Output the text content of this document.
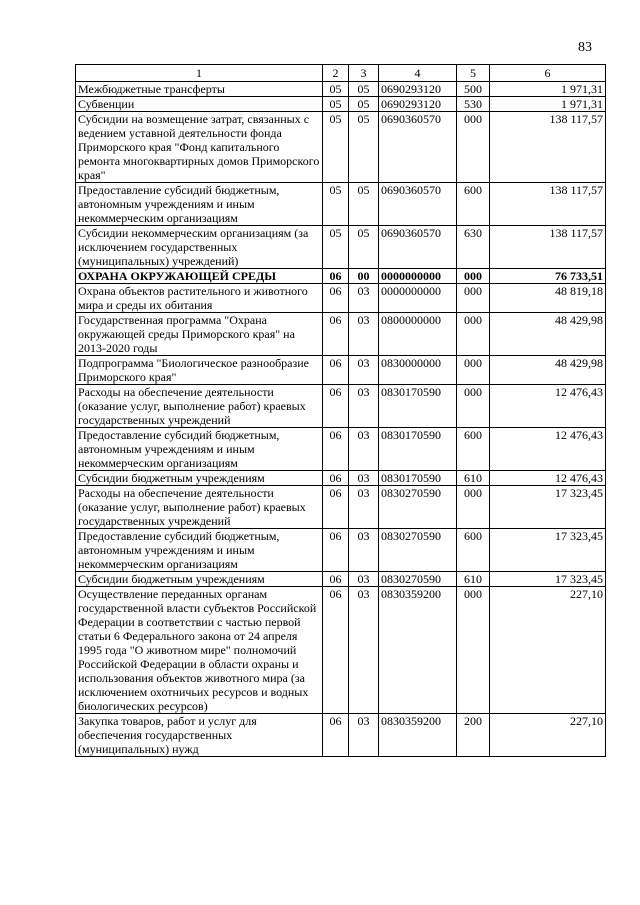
83
1	2	3	4	5	6
Межбюджетные трансферты	05	05	0690293120	500	1 971,31
Субвенции	05	05	0690293120	530	1 971,31
Субсидии на возмещение затрат, связанных с ведением уставной деятельности фонда Приморского края "Фонд капитального ремонта многоквартирных домов Приморского края"	05	05	0690360570	000	138 117,57
Предоставление субсидий бюджетным, автономным учреждениям и иным некоммерческим организациям	05	05	0690360570	600	138 117,57
Субсидии некоммерческим организациям (за исключением государственных (муниципальных) учреждений)	05	05	0690360570	630	138 117,57
ОХРАНА ОКРУЖАЮЩЕЙ СРЕДЫ	06	00	0000000000	000	76 733,51
Охрана объектов растительного и животного мира и среды их обитания	06	03	0000000000	000	48 819,18
Государственная программа "Охрана окружающей среды Приморского края" на 2013-2020 годы	06	03	0800000000	000	48 429,98
Подпрограмма "Биологическое разнообразие Приморского края"	06	03	0830000000	000	48 429,98
Расходы на обеспечение деятельности (оказание услуг, выполнение работ) краевых государственных учреждений	06	03	0830170590	000	12 476,43
Предоставление субсидий бюджетным, автономным учреждениям и иным некоммерческим организациям	06	03	0830170590	600	12 476,43
Субсидии бюджетным учреждениям	06	03	0830170590	610	12 476,43
Расходы на обеспечение деятельности (оказание услуг, выполнение работ) краевых государственных учреждений	06	03	0830270590	000	17 323,45
Предоставление субсидий бюджетным, автономным учреждениям и иным некоммерческим организациям	06	03	0830270590	600	17 323,45
Субсидии бюджетным учреждениям	06	03	0830270590	610	17 323,45
Осуществление переданных органам государственной власти субъектов Российской Федерации в соответствии с частью первой статьи 6 Федерального закона от 24 апреля 1995 года "О животном мире" полномочий Российской Федерации в области охраны и использования объектов животного мира (за исключением охотничьих ресурсов и водных биологических ресурсов)	06	03	0830359200	000	227,10
Закупка товаров, работ и услуг для обеспечения государственных (муниципальных) нужд	06	03	0830359200	200	227,10
